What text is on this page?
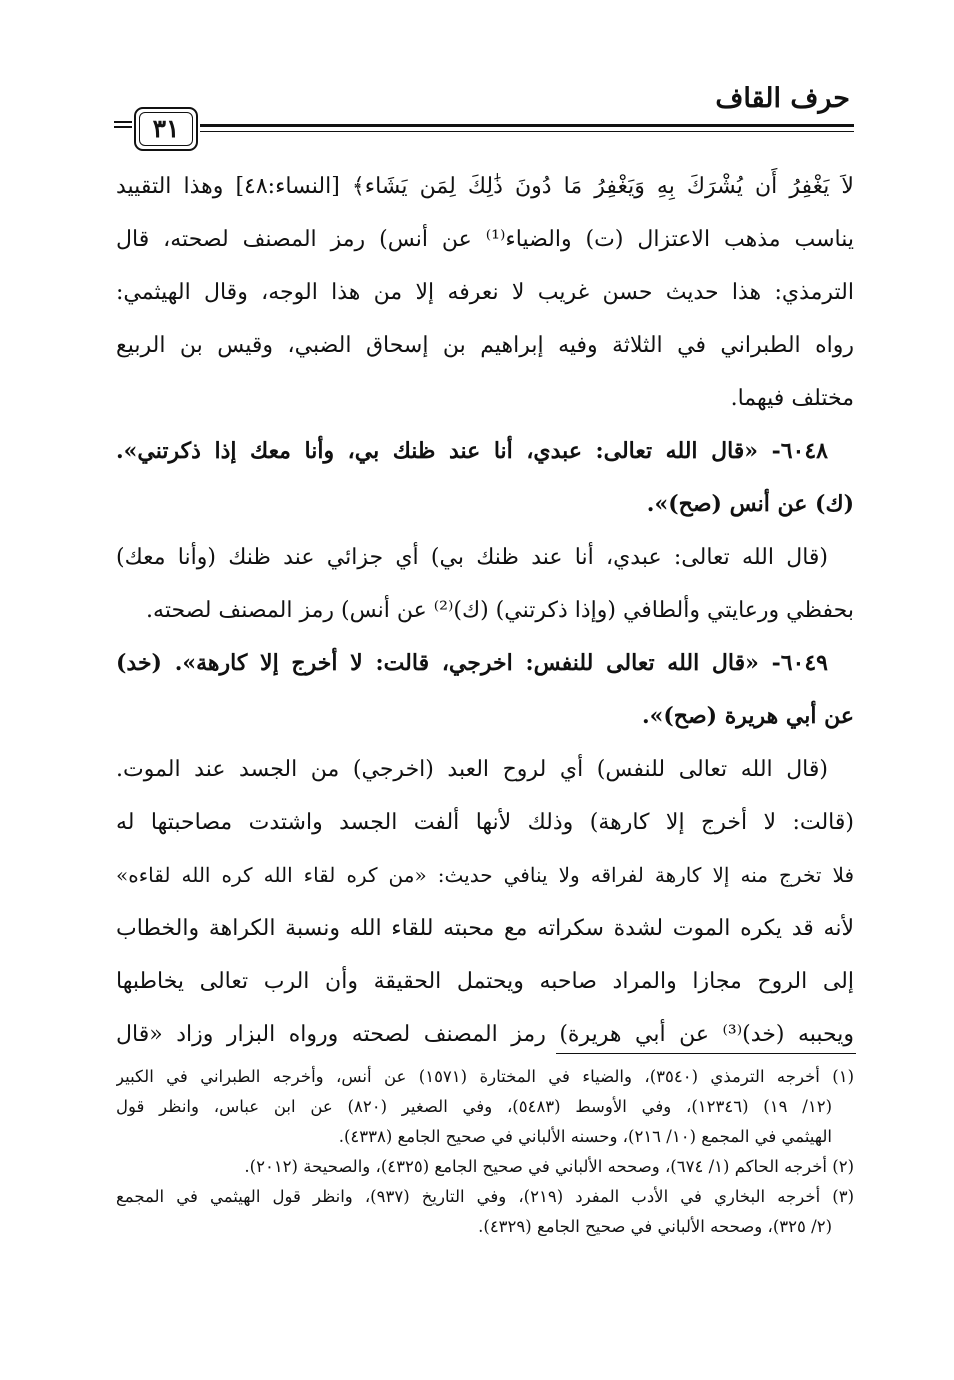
حرف القاف
٣١
لاَ يَغْفِرُ أَن يُشْرَكَ بِهِ وَيَغْفِرُ مَا دُونَ ذَٰلِكَ لِمَن يَشَاء﴾ [النساء:٤٨] وهذا التقييد
يناسب مذهب الاعتزال (ت) والضياء⁽¹⁾ عن أنس) رمز المصنف لصحته، قال
الترمذي: هذا حديث حسن غريب لا نعرفه إلا من هذا الوجه، وقال الهيثمي:
رواه الطبراني في الثلاثة وفيه إبراهيم بن إسحاق الضبي، وقيس بن الربيع
مختلف فيهما.
٦٠٤٨- «قال الله تعالى: عبدي، أنا عند ظنك بي، وأنا معك إذا ذكرتني».
(ك) عن أنس (صح)».
(قال الله تعالى: عبدي، أنا عند ظنك بي) أي جزائي عند ظنك (وأنا معك)
بحفظي ورعايتي وألطافي (وإذا ذكرتني) (ك)⁽²⁾ عن أنس) رمز المصنف لصحته.
٦٠٤٩- «قال الله تعالى للنفس: اخرجي، قالت: لا أخرج إلا كارهة». (خد)
عن أبي هريرة (صح)».
(قال الله تعالى للنفس) أي لروح العبد (اخرجي) من الجسد عند الموت.
(قالت: لا أخرج إلا كارهة) وذلك لأنها ألفت الجسد واشتدت مصاحبتها له
فلا تخرج منه إلا كارهة لفراقه ولا ينافي حديث: «من كره لقاء الله كره الله لقاءه»
لأنه قد يكره الموت لشدة سكراته مع محبته للقاء الله ونسبة الكراهة والخطاب
إلى الروح مجازا والمراد صاحبه ويحتمل الحقيقة وأن الرب تعالى يخاطبها
ويحببه (خد)⁽³⁾ عن أبي هريرة) رمز المصنف لصحته ورواه البزار وزاد «قال
(١) أخرجه الترمذي (٣٥٤٠)، والضياء في المختارة (١٥٧١) عن أنس، وأخرجه الطبراني في الكبير
(١٢/ ١٩) (١٢٣٤٦)، وفي الأوسط (٥٤٨٣)، وفي الصغير (٨٢٠) عن ابن عباس، وانظر قول
الهيثمي في المجمع (١٠/ ٢١٦)، وحسنه الألباني في صحيح الجامع (٤٣٣٨).
(٢) أخرجه الحاكم (١/ ٦٧٤)، وصححه الألباني في صحيح الجامع (٤٣٢٥)، والصحيحة (٢٠١٢).
(٣) أخرجه البخاري في الأدب المفرد (٢١٩)، وفي التاريخ (٩٣٧)، وانظر قول الهيثمي في المجمع
(٢/ ٣٢٥)، وصححه الألباني في صحيح الجامع (٤٣٢٩).
